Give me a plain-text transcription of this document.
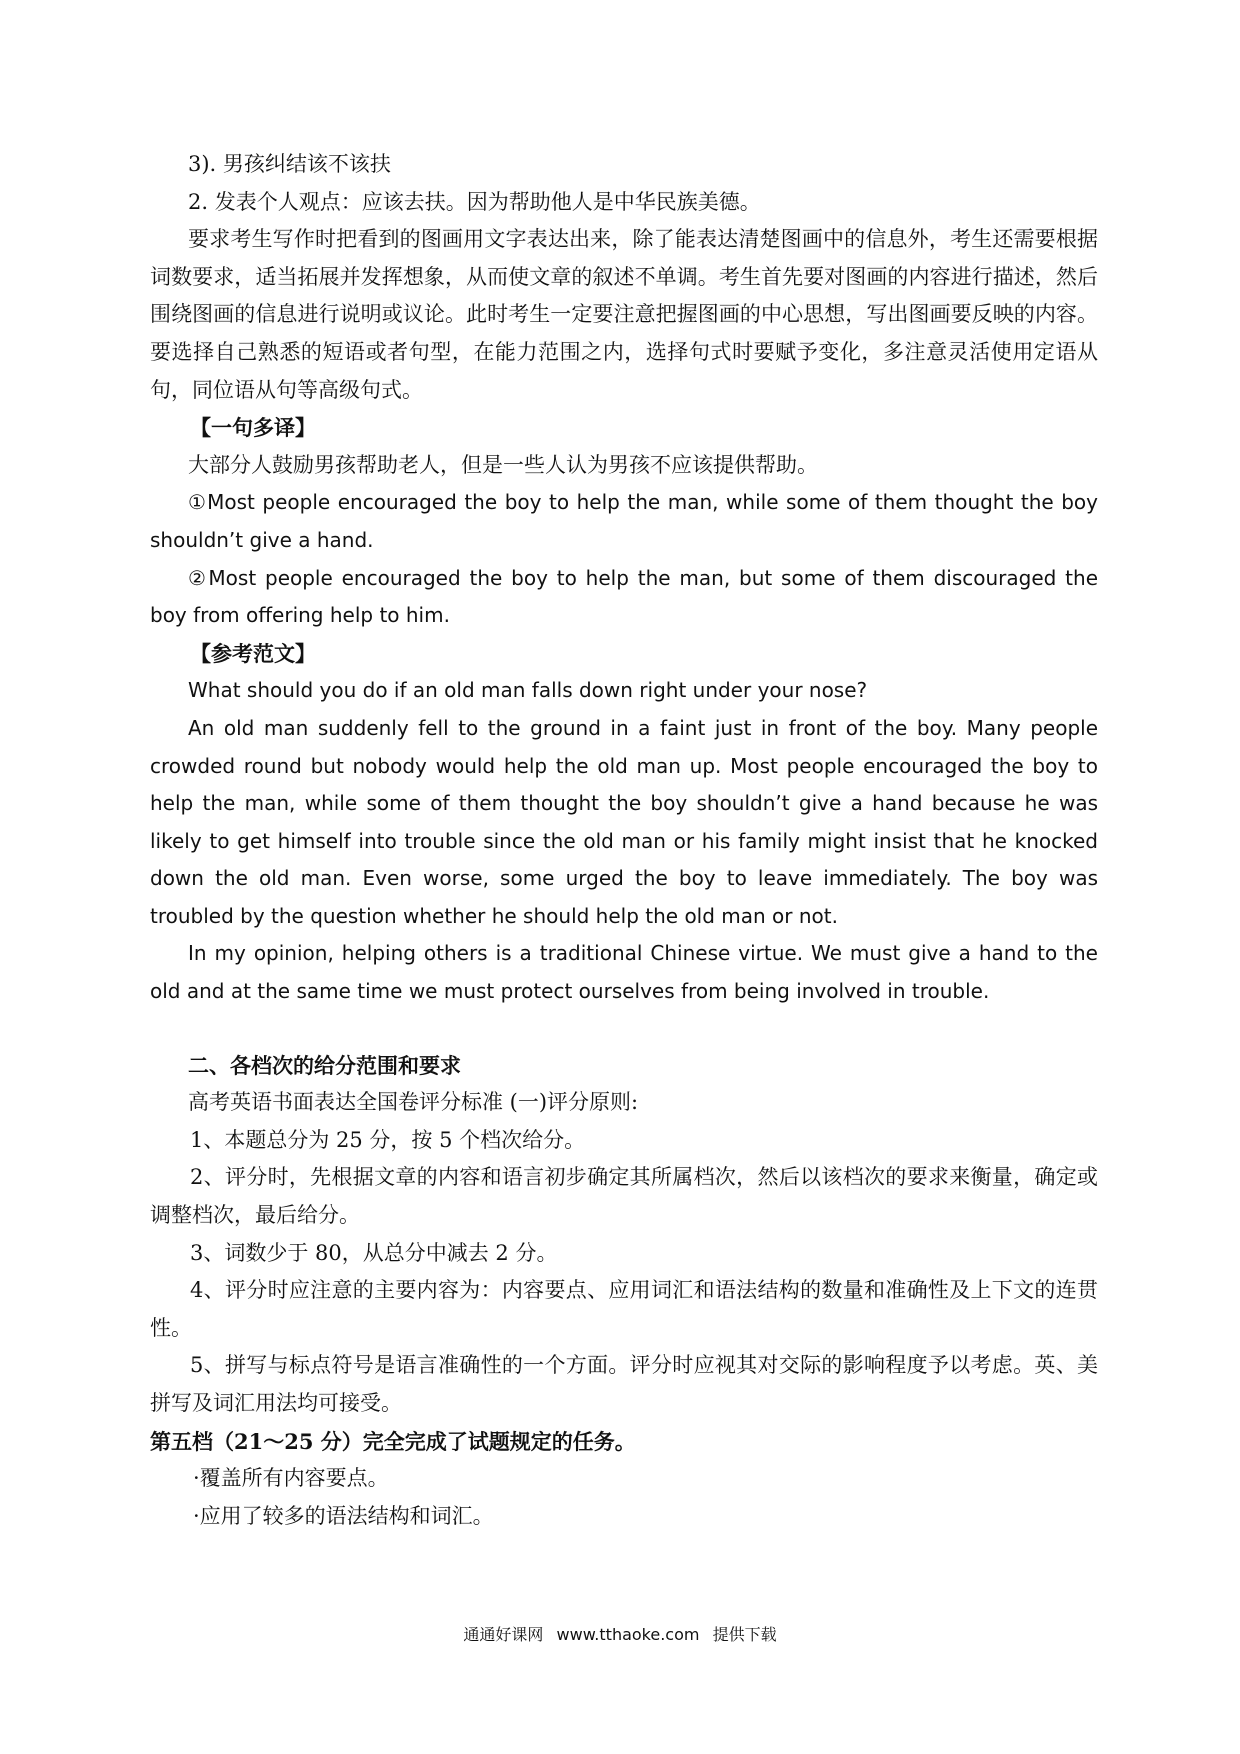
3). 男孩纠结该不该扶

2. 发表个人观点：应该去扶。因为帮助他人是中华民族美德。

要求考生写作时把看到的图画用文字表达出来，除了能表达清楚图画中的信息外，考生还需要根据词数要求，适当拓展并发挥想象，从而使文章的叙述不单调。考生首先要对图画的内容进行描述，然后围绕图画的信息进行说明或议论。此时考生一定要注意把握图画的中心思想，写出图画要反映的内容。要选择自己熟悉的短语或者句型，在能力范围之内，选择句式时要赋予变化，多注意灵活使用定语从句，同位语从句等高级句式。

【一句多译】

大部分人鼓励男孩帮助老人，但是一些人认为男孩不应该提供帮助。

①Most people encouraged the boy to help the man, while some of them thought the boy shouldn’t give a hand.

②Most people encouraged the boy to help the man, but some of them discouraged the boy from offering help to him.

【参考范文】

What should you do if an old man falls down right under your nose?

An old man suddenly fell to the ground in a faint just in front of the boy. Many people crowded round but nobody would help the old man up. Most people encouraged the boy to help the man, while some of them thought the boy shouldn’t give a hand because he was likely to get himself into trouble since the old man or his family might insist that he knocked down the old man. Even worse, some urged the boy to leave immediately. The boy was troubled by the question whether he should help the old man or not.

In my opinion, helping others is a traditional Chinese virtue. We must give a hand to the old and at the same time we must protect ourselves from being involved in trouble.

二、各档次的给分范围和要求

高考英语书面表达全国卷评分标准 (一)评分原则:

1、本题总分为 25 分，按 5 个档次给分。

2、评分时，先根据文章的内容和语言初步确定其所属档次，然后以该档次的要求来衡量，确定或调整档次，最后给分。

3、词数少于 80，从总分中减去 2 分。

4、评分时应注意的主要内容为：内容要点、应用词汇和语法结构的数量和准确性及上下文的连贯性。

5、拼写与标点符号是语言准确性的一个方面。评分时应视其对交际的影响程度予以考虑。英、美拼写及词汇用法均可接受。

第五档（21～25 分）完全完成了试题规定的任务。

·覆盖所有内容要点。

·应用了较多的语法结构和词汇。

通通好课网 www.tthaoke.com 提供下载
